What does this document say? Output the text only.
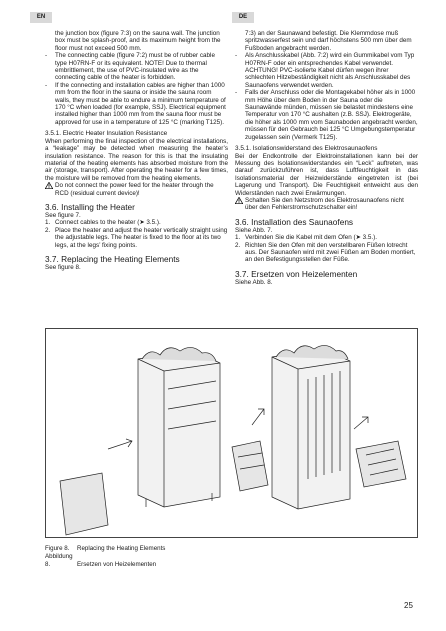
EN	DE

the junction box (figure 7:3) on the sauna wall. The junction box must be splash-proof, and its maximum height from the floor must not exceed 500 mm.

- The connecting cable (figure 7:2) must be of rubber cable type H07RN-F or its equivalent. NOTE! Due to thermal embrittlement, the use of PVC-insulated wire as the connecting cable of the heater is forbidden.

- If the connecting and installation cables are higher than 1000 mm from the floor in the sauna or inside the sauna room walls, they must be able to endure a minimum temperature of 170 °C when loaded (for example, SSJ). Electrical equipment installed higher than 1000 mm from the sauna floor must be approved for use in a temperature of 125 °C (marking T125).

3.5.1. Electric Heater Insulation Resistance

When performing the final inspection of the electrical installations, a “leakage” may be detected when measuring the heater’s insulation resistance. The reason for this is that the insulating material of the heating elements has absorbed moisture from the air (storage, transport). After operating the heater for a few times, the moisture will be removed from the heating elements.

Do not connect the power feed for the heater through the RCD (residual current device)!

3.6. Installing the Heater

See figure 7.

1. Connect cables to the heater (➤ 3.5.).

2. Place the heater and adjust the heater vertically straight using the adjustable legs. The heater is fixed to the floor at its two legs, at the legs’ fixing points.

3.7. Replacing the Heating Elements

See figure 8.

7:3) an der Saunawand befestigt. Die Klemmdose muß spritzwasserfest sein und darf höchstens 500 mm über dem Fußboden angebracht werden.

- Als Anschlusskabel (Abb. 7:2) wird ein Gummikabel vom Typ H07RN-F oder ein entsprechendes Kabel verwendet. ACHTUNG! PVC-isolierte Kabel dürfen wegen ihrer schlechten Hitzebeständigkeit nicht als Anschlusskabel des Saunaofens verwendet werden.

- Falls der Anschluss oder die Montagekabel höher als in 1000 mm Höhe über dem Boden in der Sauna oder die Saunawände münden, müssen sie belastet mindestens eine Temperatur von 170 °C aushalten (z.B. SSJ). Elektrogeräte, die höher als 1000 mm vom Saunaboden angebracht werden, müssen für den Gebrauch bei 125 °C Umgebungstemperatur zugelassen sein (Vermerk T125).

3.5.1. Isolationswiderstand des Elektrosaunaofens

Bei der Endkontrolle der Elektroinstallationen kann bei der Messung des Isolationswiderstandes ein “Leck” auftreten, was darauf zurückzuführen ist, dass Luftfeuchtigkeit in das Isolationsmaterial der Heizwiderstände eingetreten ist (bei Lagerung und Transport). Die Feuchtigkeit entweicht aus den Widerständen nach zwei Erwärmungen.

Schalten Sie den Netzstrom des Elektrosaunaofens nicht über den Fehlerstromschutzschalter ein!

3.6. Installation des Saunaofens

Siehe Abb. 7.

1. Verbinden Sie die Kabel mit dem Ofen (➤ 3.5.).

2. Richten Sie den Ofen mit den verstellbaren Füßen lotrecht aus. Der Saunaofen wird mit zwei Füßen am Boden montiert, an den Befestigungsstellen der Füße.

3.7. Ersetzen von Heizelementen

Siehe Abb. 8.

Figure 8. Replacing the Heating Elements
Abbildung 8.	Ersetzen von Heizelementen
25
